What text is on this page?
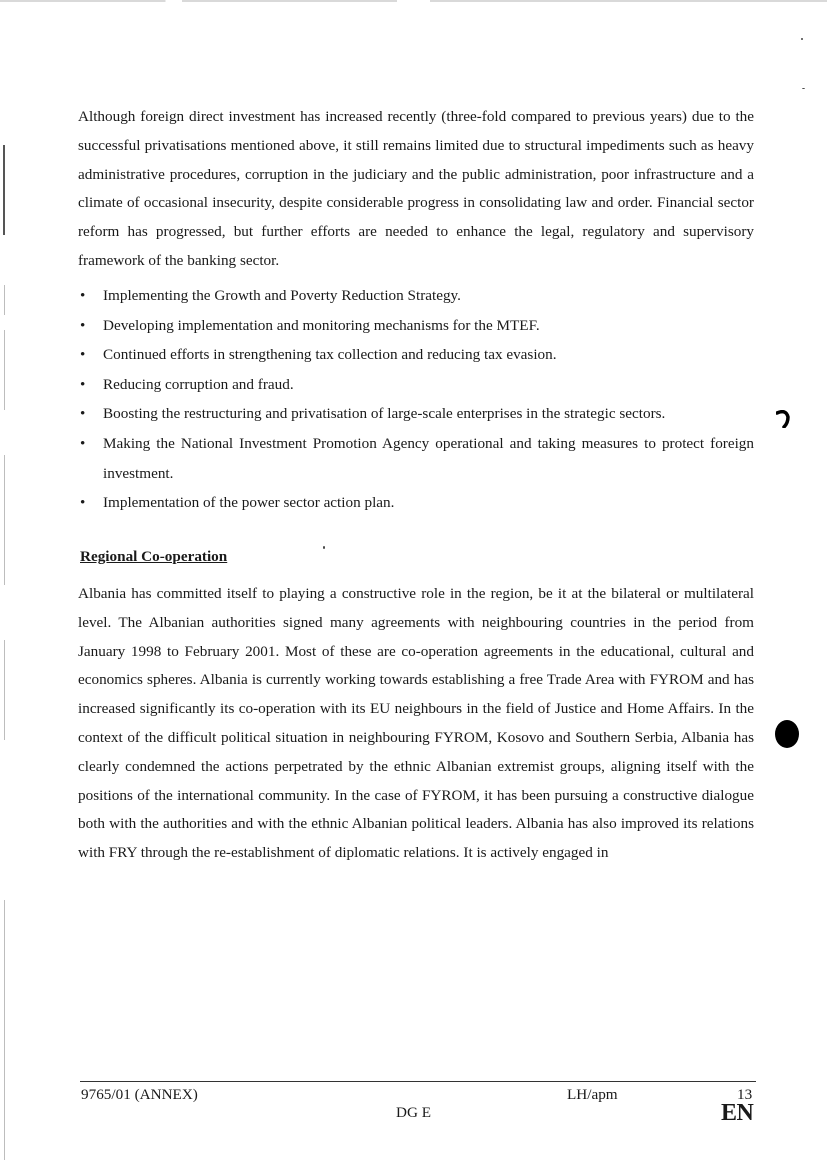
Although foreign direct investment has increased recently (three-fold compared to previous years) due to the successful privatisations mentioned above, it still remains limited due to structural impediments such as heavy administrative procedures, corruption in the judiciary and the public administration, poor infrastructure and a climate of occasional insecurity, despite considerable progress in consolidating law and order. Financial sector reform has progressed, but further efforts are needed to enhance the legal, regulatory and supervisory framework of the banking sector.

• Implementing the Growth and Poverty Reduction Strategy.
• Developing implementation and monitoring mechanisms for the MTEF.
• Continued efforts in strengthening tax collection and reducing tax evasion.
• Reducing corruption and fraud.
• Boosting the restructuring and privatisation of large-scale enterprises in the strategic sectors.
• Making the National Investment Promotion Agency operational and taking measures to protect foreign investment.
• Implementation of the power sector action plan.
Regional Co-operation

Albania has committed itself to playing a constructive role in the region, be it at the bilateral or multilateral level. The Albanian authorities signed many agreements with neighbouring countries in the period from January 1998 to February 2001. Most of these are co-operation agreements in the educational, cultural and economics spheres. Albania is currently working towards establishing a free Trade Area with FYROM and has increased significantly its co-operation with its EU neighbours in the field of Justice and Home Affairs. In the context of the difficult political situation in neighbouring FYROM, Kosovo and Southern Serbia, Albania has clearly condemned the actions perpetrated by the ethnic Albanian extremist groups, aligning itself with the positions of the international community. In the case of FYROM, it has been pursuing a constructive dialogue both with the authorities and with the ethnic Albanian political leaders. Albania has also improved its relations with FRY through the re-establishment of diplomatic relations. It is actively engaged in

9765/01 (ANNEX)	LH/apm	13
DG E	EN
